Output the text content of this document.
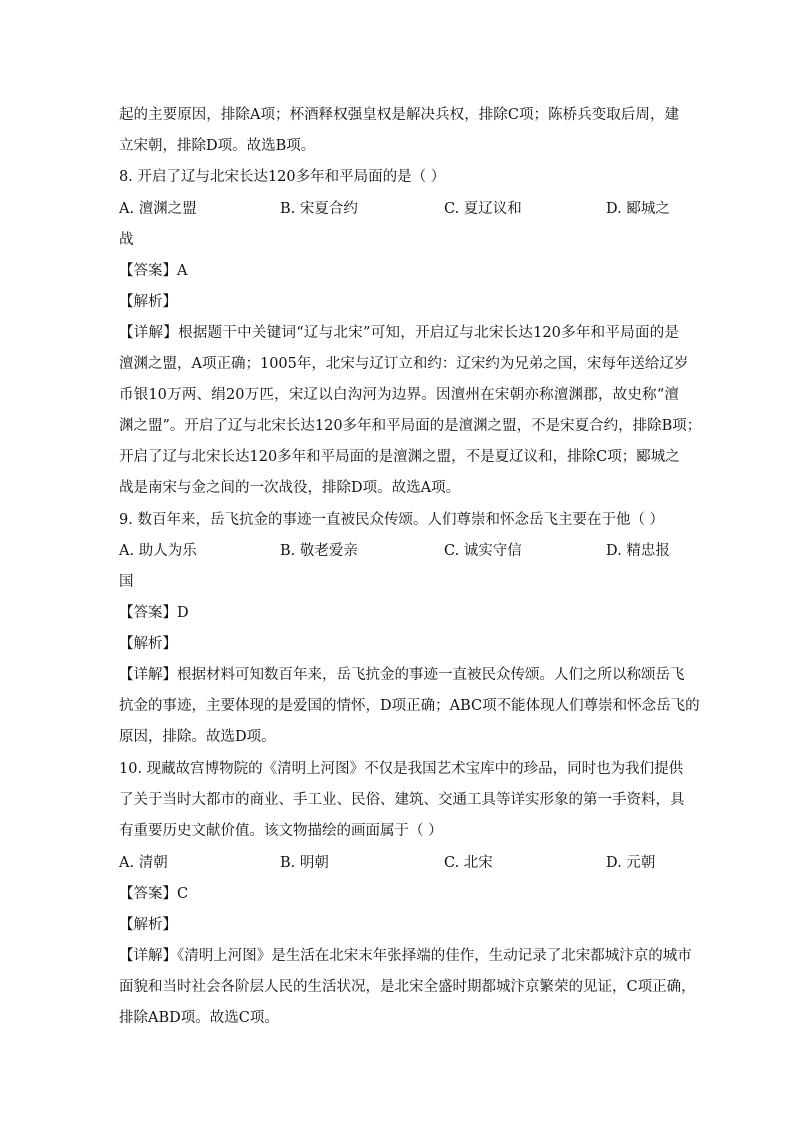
起的主要原因，排除A项；杯酒释权强皇权是解决兵权，排除C项；陈桥兵变取后周，建
立宋朝，排除D项。故选B项。
8. 开启了辽与北宋长达120多年和平局面的是（ ）
A. 澶渊之盟	B. 宋夏合约	C. 夏辽议和	D. 郾城之
战
【答案】A
【解析】
【详解】根据题干中关键词“辽与北宋”可知，开启辽与北宋长达120多年和平局面的是
澶渊之盟，A项正确；1005年，北宋与辽订立和约：辽宋约为兄弟之国，宋每年送给辽岁
币银10万两、绢20万匹，宋辽以白沟河为边界。因澶州在宋朝亦称澶渊郡，故史称“澶
渊之盟”。开启了辽与北宋长达120多年和平局面的是澶渊之盟，不是宋夏合约，排除B项；
开启了辽与北宋长达120多年和平局面的是澶渊之盟，不是夏辽议和，排除C项；郾城之
战是南宋与金之间的一次战役，排除D项。故选A项。
9. 数百年来，岳飞抗金的事迹一直被民众传颂。人们尊崇和怀念岳飞主要在于他（ ）
A. 助人为乐	B. 敬老爱亲	C. 诚实守信	D. 精忠报
国
【答案】D
【解析】
【详解】根据材料可知数百年来，岳飞抗金的事迹一直被民众传颂。人们之所以称颂岳飞
抗金的事迹，主要体现的是爱国的情怀，D项正确；ABC项不能体现人们尊崇和怀念岳飞的
原因，排除。故选D项。
10. 现藏故宫博物院的《清明上河图》不仅是我国艺术宝库中的珍品，同时也为我们提供
了关于当时大都市的商业、手工业、民俗、建筑、交通工具等详实形象的第一手资料，具
有重要历史文献价值。该文物描绘的画面属于（ ）
A. 清朝	B. 明朝	C. 北宋	D. 元朝
【答案】C
【解析】
【详解】《清明上河图》是生活在北宋末年张择端的佳作，生动记录了北宋都城汴京的城市
面貌和当时社会各阶层人民的生活状况，是北宋全盛时期都城汴京繁荣的见证，C项正确，
排除ABD项。故选C项。
